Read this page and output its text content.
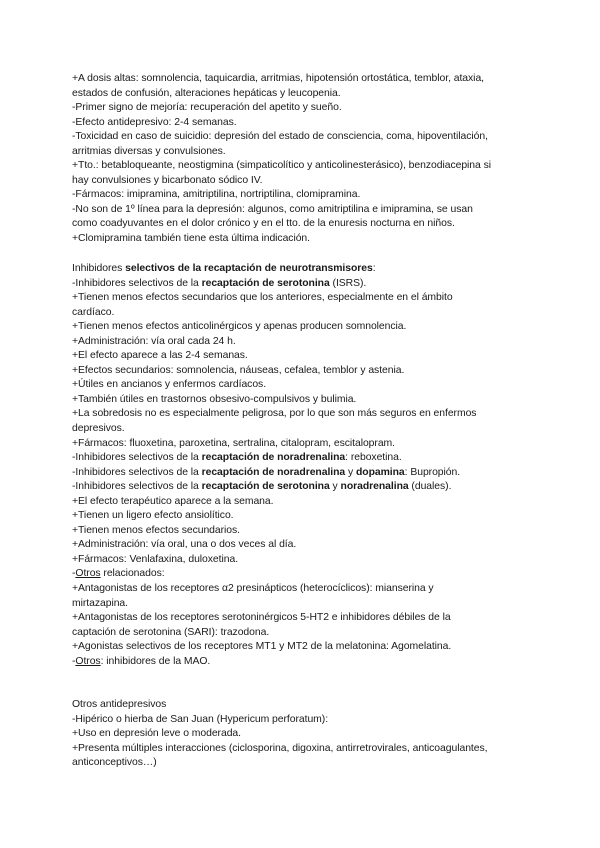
+A dosis altas: somnolencia, taquicardia, arritmias, hipotensión ortostática, temblor, ataxia,
estados de confusión, alteraciones hepáticas y leucopenia.
-Primer signo de mejoría: recuperación del apetito y sueño.
-Efecto antidepresivo: 2-4 semanas.
-Toxicidad en caso de suicidio: depresión del estado de consciencia, coma, hipoventilación,
arritmias diversas y convulsiones.
+Tto.: betabloqueante, neostigmina (simpaticolítico y anticolinesterásico), benzodiacepina si
hay convulsiones y bicarbonato sódico IV.
-Fármacos: imipramina, amitriptilina, nortriptilina, clomipramina.
-No son de 1º línea para la depresión: algunos, como amitriptilina e imipramina, se usan
como coadyuvantes en el dolor crónico y en el tto. de la enuresis nocturna en niños.
+Clomipramina también tiene esta última indicación.
Inhibidores selectivos de la recaptación de neurotransmisores:
-Inhibidores selectivos de la recaptación de serotonina (ISRS).
+Tienen menos efectos secundarios que los anteriores, especialmente en el ámbito
cardíaco.
+Tienen menos efectos anticolinérgicos y apenas producen somnolencia.
+Administración: vía oral cada 24 h.
+El efecto aparece a las 2-4 semanas.
+Efectos secundarios: somnolencia, náuseas, cefalea, temblor y astenia.
+Útiles en ancianos y enfermos cardíacos.
+También útiles en trastornos obsesivo-compulsivos y bulimia.
+La sobredosis no es especialmente peligrosa, por lo que son más seguros en enfermos
depresivos.
+Fármacos: fluoxetina, paroxetina, sertralina, citalopram, escitalopram.
-Inhibidores selectivos de la recaptación de noradrenalina: reboxetina.
-Inhibidores selectivos de la recaptación de noradrenalina y dopamina: Bupropión.
-Inhibidores selectivos de la recaptación de serotonina y noradrenalina (duales).
+El efecto terapéutico aparece a la semana.
+Tienen un ligero efecto ansiolítico.
+Tienen menos efectos secundarios.
+Administración: vía oral, una o dos veces al día.
+Fármacos: Venlafaxina, duloxetina.
-Otros relacionados:
+Antagonistas de los receptores α2 presinápticos (heterocíclicos): mianserina y
mirtazapina.
+Antagonistas de los receptores serotoninérgicos 5-HT2 e inhibidores débiles de la
captación de serotonina (SARI): trazodona.
+Agonistas selectivos de los receptores MT1 y MT2 de la melatonina: Agomelatina.
-Otros: inhibidores de la MAO.
Otros antidepresivos
-Hipérico o hierba de San Juan (Hypericum perforatum):
+Uso en depresión leve o moderada.
+Presenta múltiples interacciones (ciclosporina, digoxina, antirretrovirales, anticoagulantes,
anticonceptivos…)
